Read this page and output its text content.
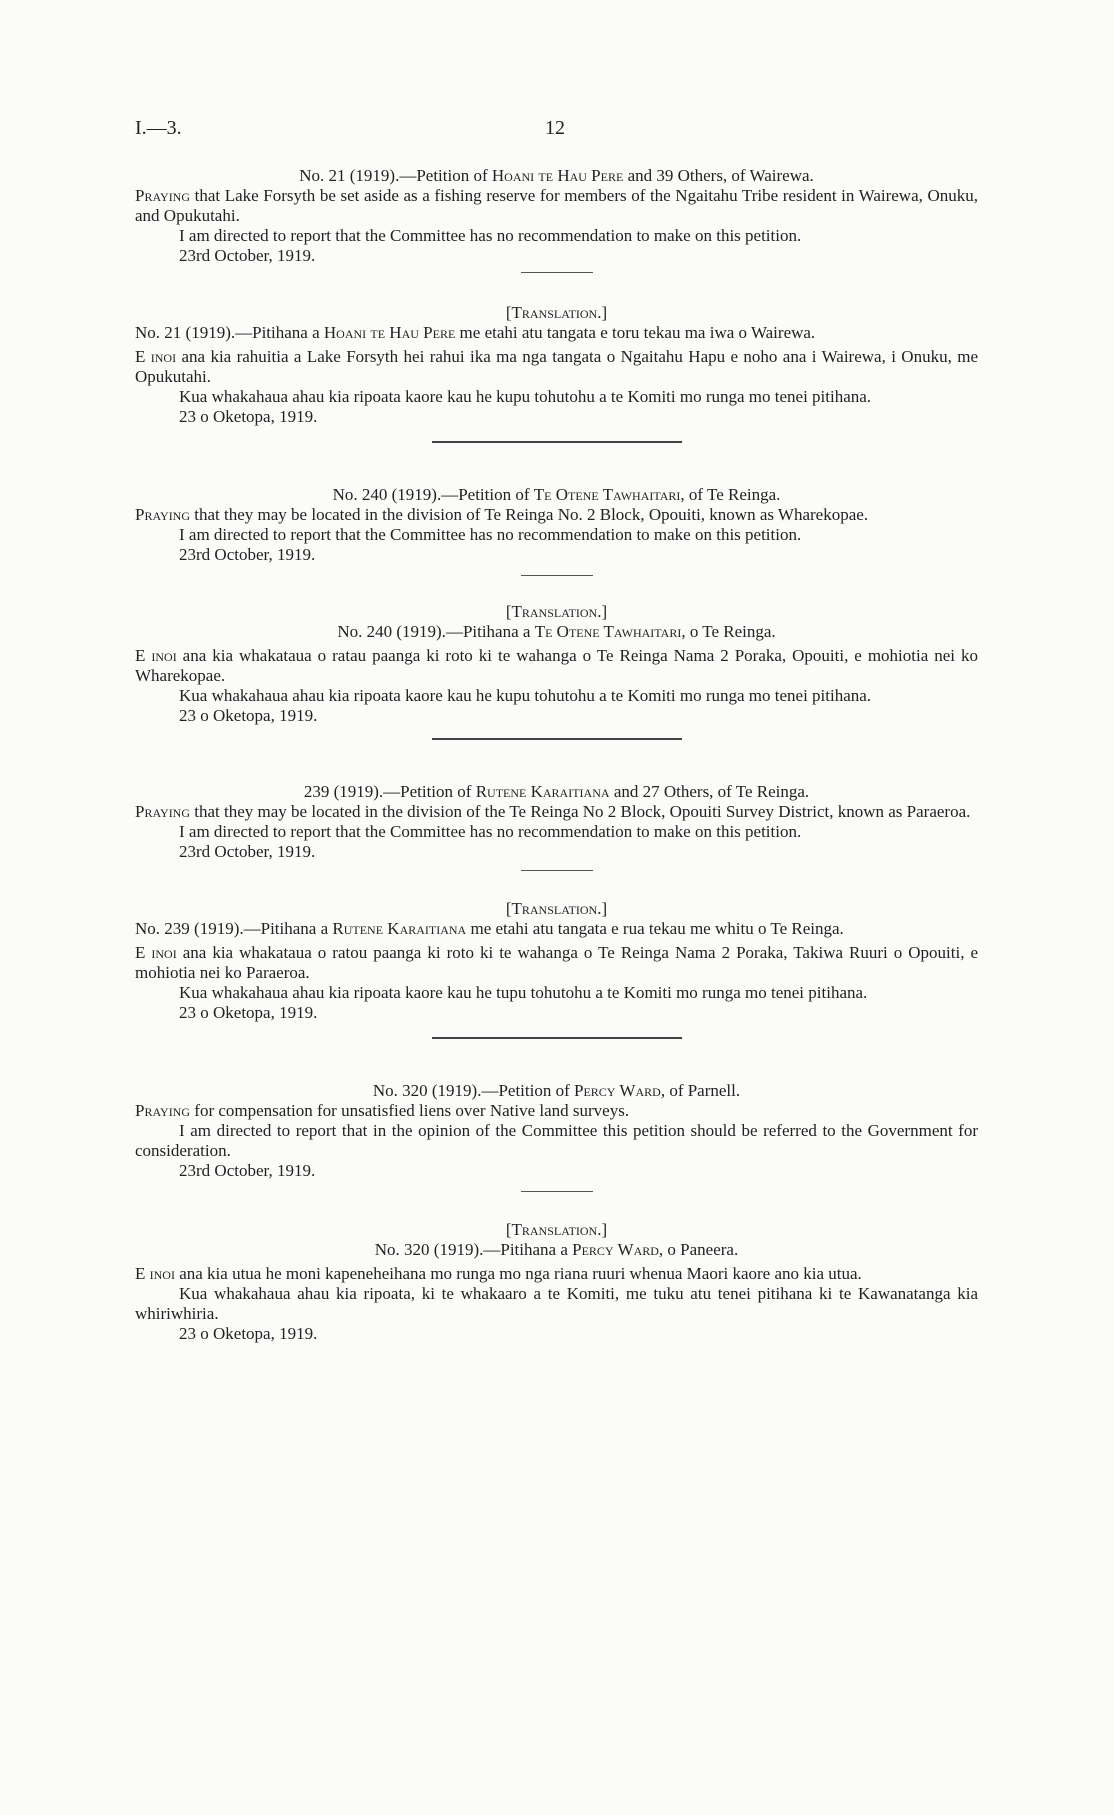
I.—3.	12

No. 21 (1919).—Petition of Hoani te Hau Pere and 39 Others, of Wairewa.

Praying that Lake Forsyth be set aside as a fishing reserve for members of the Ngaitahu Tribe resident in Wairewa, Onuku, and Opukutahi.

I am directed to report that the Committee has no recommendation to make on this petition.

23rd October, 1919.

[Translation.]

No. 21 (1919).—Pitihana a Hoani te Hau Pere me etahi atu tangata e toru tekau ma iwa o Wairewa.

E inoi ana kia rahuitia a Lake Forsyth hei rahui ika ma nga tangata o Ngaitahu Hapu e noho ana i Wairewa, i Onuku, me Opukutahi.

Kua whakahaua ahau kia ripoata kaore kau he kupu tohutohu a te Komiti mo runga mo tenei pitihana.

23 o Oketopa, 1919.

No. 240 (1919).—Petition of Te Otene Tawhaitari, of Te Reinga.

Praying that they may be located in the division of Te Reinga No. 2 Block, Opouiti, known as Wharekopae.

I am directed to report that the Committee has no recommendation to make on this petition.

23rd October, 1919.

[Translation.]

No. 240 (1919).—Pitihana a Te Otene Tawhaitari, o Te Reinga.

E inoi ana kia whakataua o ratau paanga ki roto ki te wahanga o Te Reinga Nama 2 Poraka, Opouiti, e mohiotia nei ko Wharekopae.

Kua whakahaua ahau kia ripoata kaore kau he kupu tohutohu a te Komiti mo runga mo tenei pitihana.

23 o Oketopa, 1919.

239 (1919).—Petition of Rutene Karaitiana and 27 Others, of Te Reinga.

Praying that they may be located in the division of the Te Reinga No 2 Block, Opouiti Survey District, known as Paraeroa.

I am directed to report that the Committee has no recommendation to make on this petition.

23rd October, 1919.

[Translation.]

No. 239 (1919).—Pitihana a Rutene Karaitiana me etahi atu tangata e rua tekau me whitu o Te Reinga.

E inoi ana kia whakataua o ratou paanga ki roto ki te wahanga o Te Reinga Nama 2 Poraka, Takiwa Ruuri o Opouiti, e mohiotia nei ko Paraeroa.

Kua whakahaua ahau kia ripoata kaore kau he tupu tohutohu a te Komiti mo runga mo tenei pitihana.

23 o Oketopa, 1919.

No. 320 (1919).—Petition of Percy Ward, of Parnell.

Praying for compensation for unsatisfied liens over Native land surveys.

I am directed to report that in the opinion of the Committee this petition should be referred to the Government for consideration.

23rd October, 1919.

[Translation.]

No. 320 (1919).—Pitihana a Percy Ward, o Paneera.

E inoi ana kia utua he moni kapeneheihana mo runga mo nga riana ruuri whenua Maori kaore ano kia utua.

Kua whakahaua ahau kia ripoata, ki te whakaaro a te Komiti, me tuku atu tenei pitihana ki te Kawanatanga kia whiriwhiria.

23 o Oketopa, 1919.
